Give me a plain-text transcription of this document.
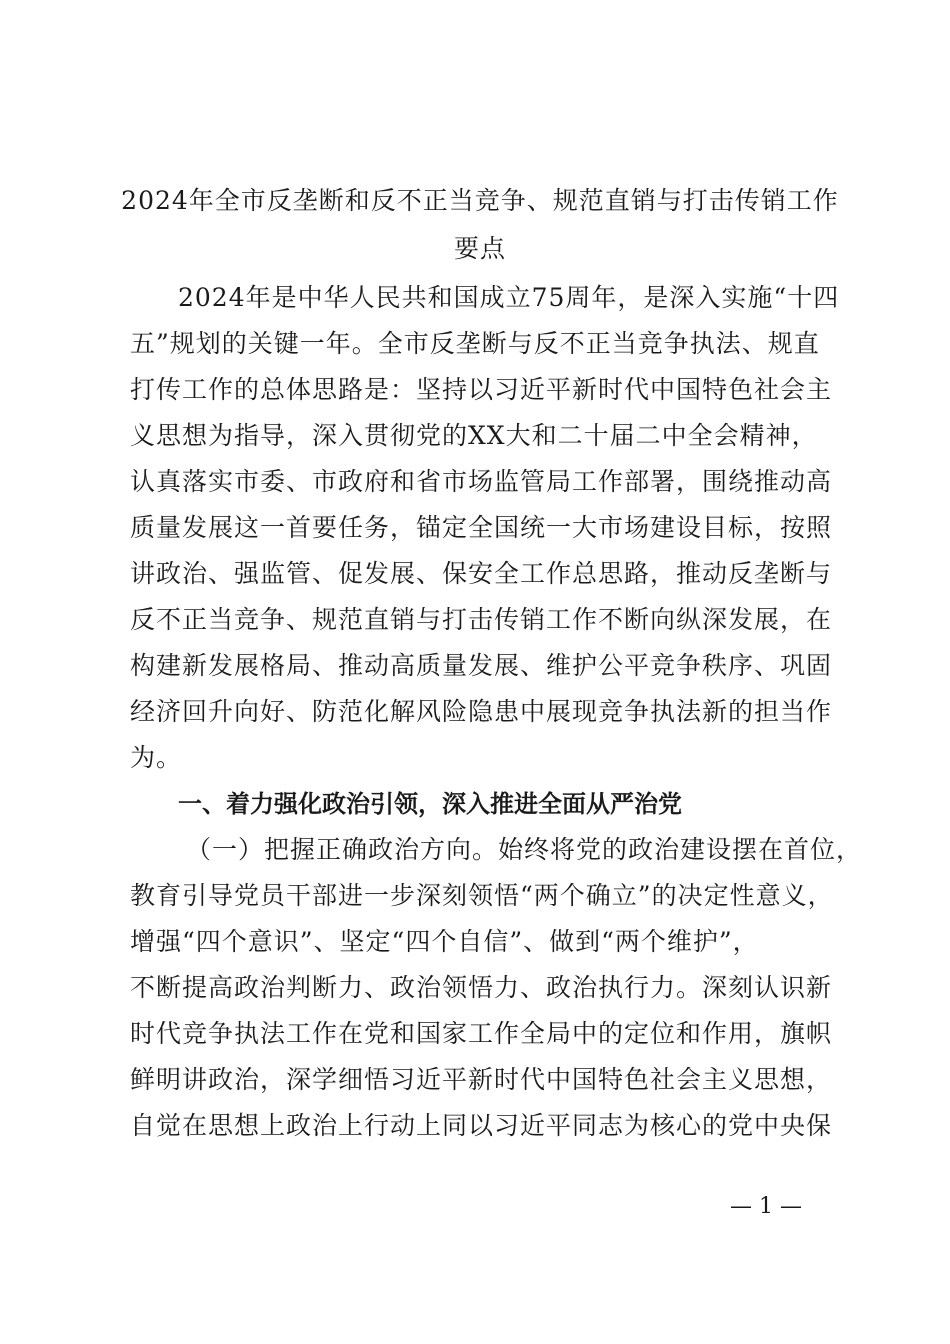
2024年全市反垄断和反不正当竞争、规范直销与打击传销工作
要点
2024年是中华人民共和国成立75周年，是深入实施“十四
五”规划的关键一年。全市反垄断与反不正当竞争执法、规直
打传工作的总体思路是：坚持以习近平新时代中国特色社会主
义思想为指导，深入贯彻党的XX大和二十届二中全会精神，
认真落实市委、市政府和省市场监管局工作部署，围绕推动高
质量发展这一首要任务，锚定全国统一大市场建设目标，按照
讲政治、强监管、促发展、保安全工作总思路，推动反垄断与
反不正当竞争、规范直销与打击传销工作不断向纵深发展，在
构建新发展格局、推动高质量发展、维护公平竞争秩序、巩固
经济回升向好、防范化解风险隐患中展现竞争执法新的担当作
为。
一、着力强化政治引领，深入推进全面从严治党
（一）把握正确政治方向。始终将党的政治建设摆在首位，
教育引导党员干部进一步深刻领悟“两个确立”的决定性意义，
增强“四个意识”、坚定“四个自信”、做到“两个维护”，
不断提高政治判断力、政治领悟力、政治执行力。深刻认识新
时代竞争执法工作在党和国家工作全局中的定位和作用，旗帜
鲜明讲政治，深学细悟习近平新时代中国特色社会主义思想，
自觉在思想上政治上行动上同以习近平同志为核心的党中央保
— 1 —
